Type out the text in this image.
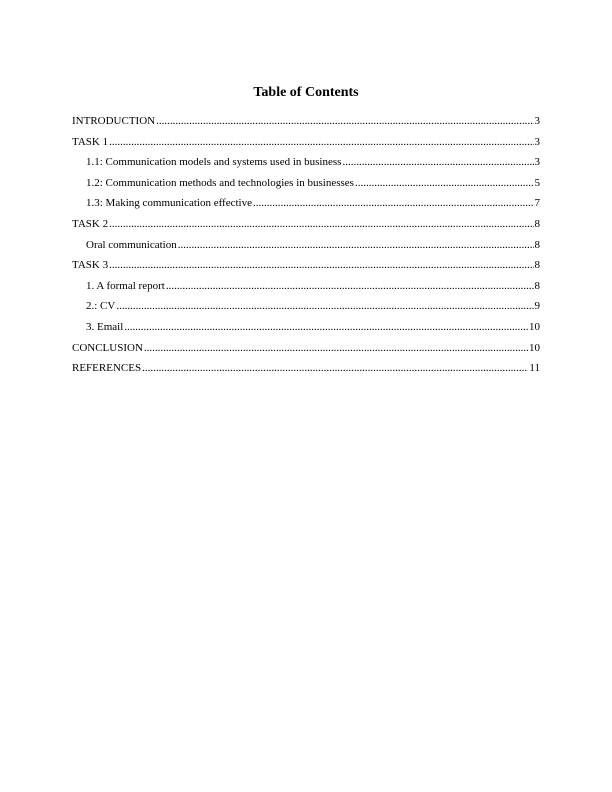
Table of Contents
INTRODUCTION .....	3
TASK 1 .....	3
1.1: Communication models and systems used in business .....	3
1.2: Communication methods and technologies in businesses .....	5
1.3: Making communication effective .....	7
TASK 2 .....	8
Oral communication .....	8
TASK 3 .....	8
1. A formal report .....	8
2.: CV .....	9
3. Email .....	10
CONCLUSION .....	10
REFERENCES .....	11
